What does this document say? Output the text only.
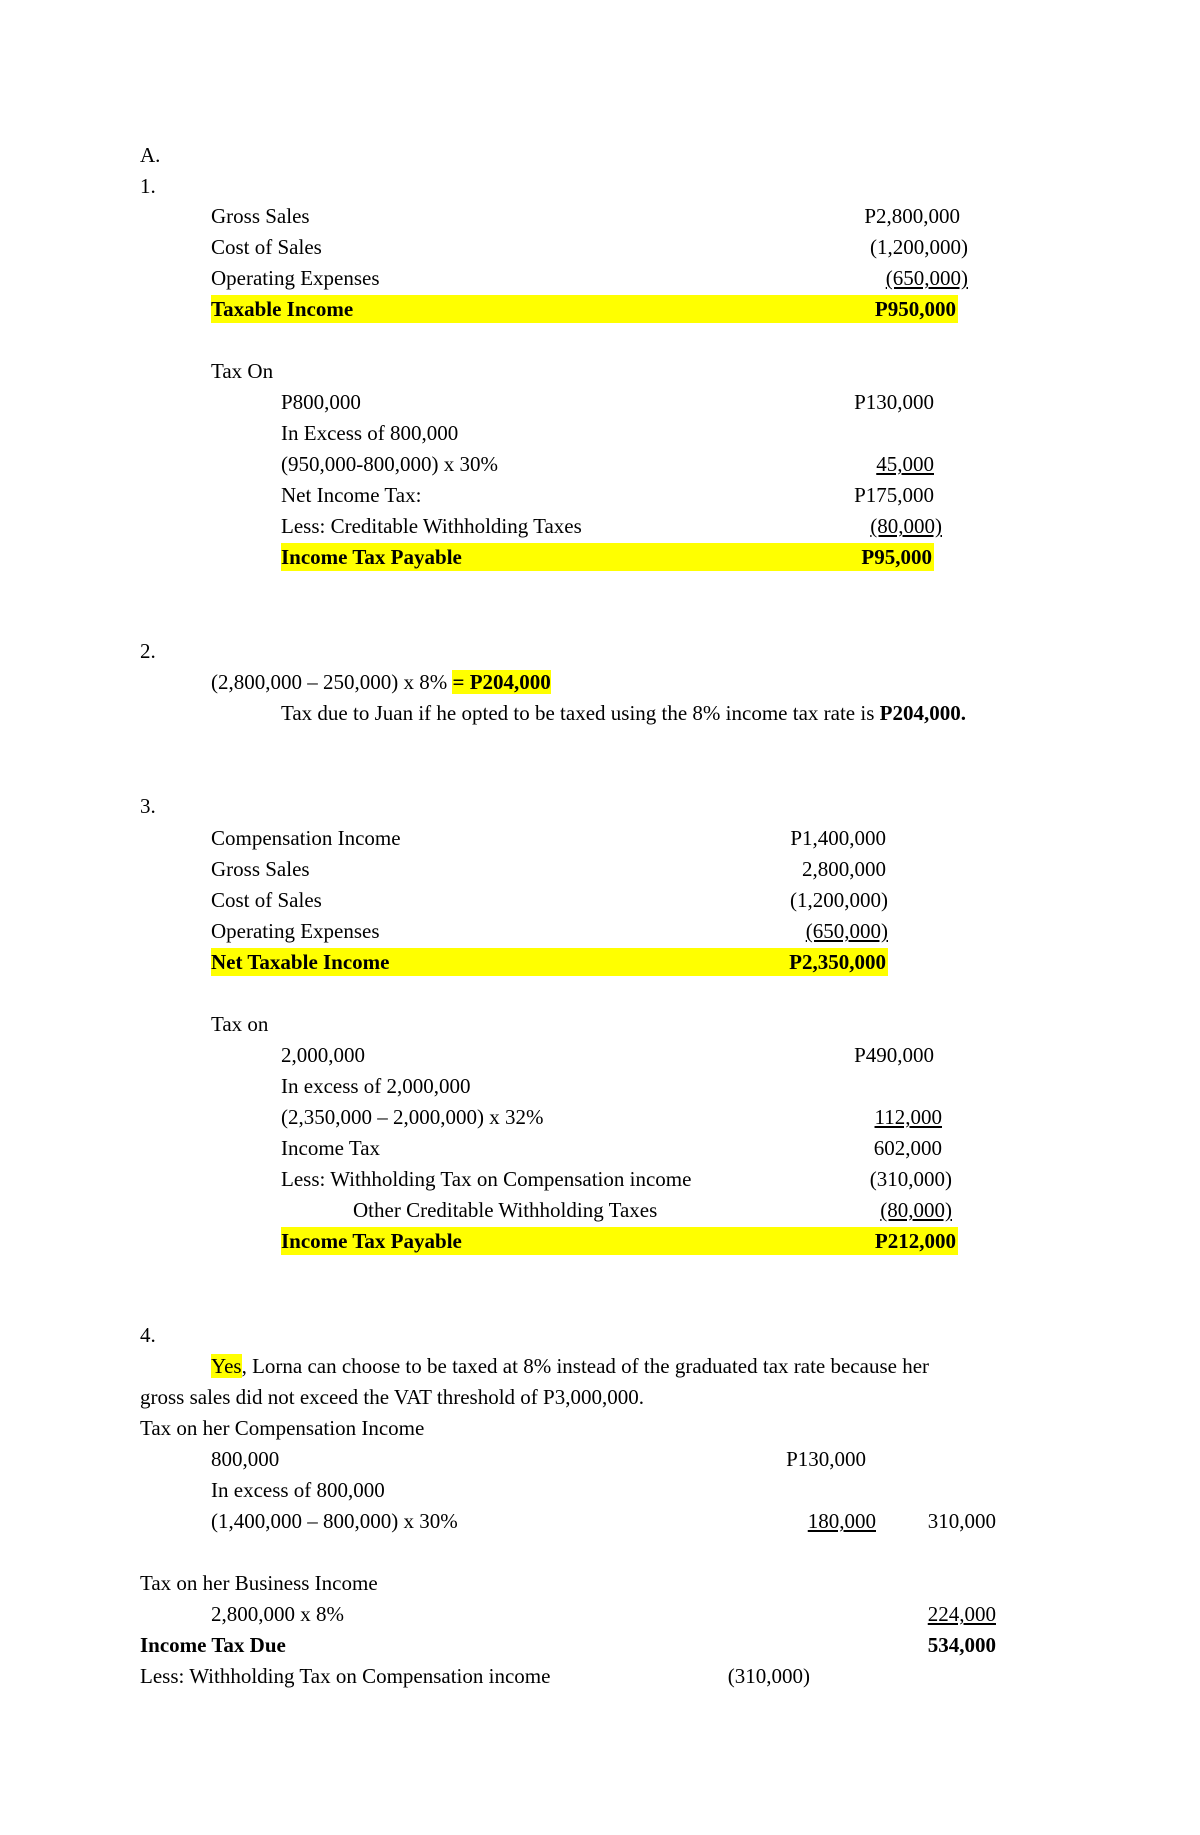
A.
1.
Gross Sales	P2,800,000
Cost of Sales	(1,200,000)
Operating Expenses	(650,000)
Taxable Income	P950,000
Tax On
P800,000	P130,000
In Excess of 800,000
(950,000-800,000) x 30%	45,000
Net Income Tax:	P175,000
Less: Creditable Withholding Taxes	(80,000)
Income Tax Payable	P95,000
2.
(2,800,000 – 250,000) x 8% = P204,000
Tax due to Juan if he opted to be taxed using the 8% income tax rate is P204,000.
3.
Compensation Income	P1,400,000
Gross Sales	2,800,000
Cost of Sales	(1,200,000)
Operating Expenses	(650,000)
Net Taxable Income	P2,350,000
Tax on
2,000,000	P490,000
In excess of 2,000,000
(2,350,000 – 2,000,000) x 32%	112,000
Income Tax	602,000
Less: Withholding Tax on Compensation income	(310,000)
Other Creditable Withholding Taxes	(80,000)
Income Tax Payable	P212,000
4.
Yes, Lorna can choose to be taxed at 8% instead of the graduated tax rate because her
gross sales did not exceed the VAT threshold of P3,000,000.
Tax on her Compensation Income
800,000	P130,000
In excess of 800,000
(1,400,000 – 800,000) x 30%	180,000	310,000
Tax on her Business Income
2,800,000 x 8%	224,000
Income Tax Due	534,000
Less: Withholding Tax on Compensation income	(310,000)
